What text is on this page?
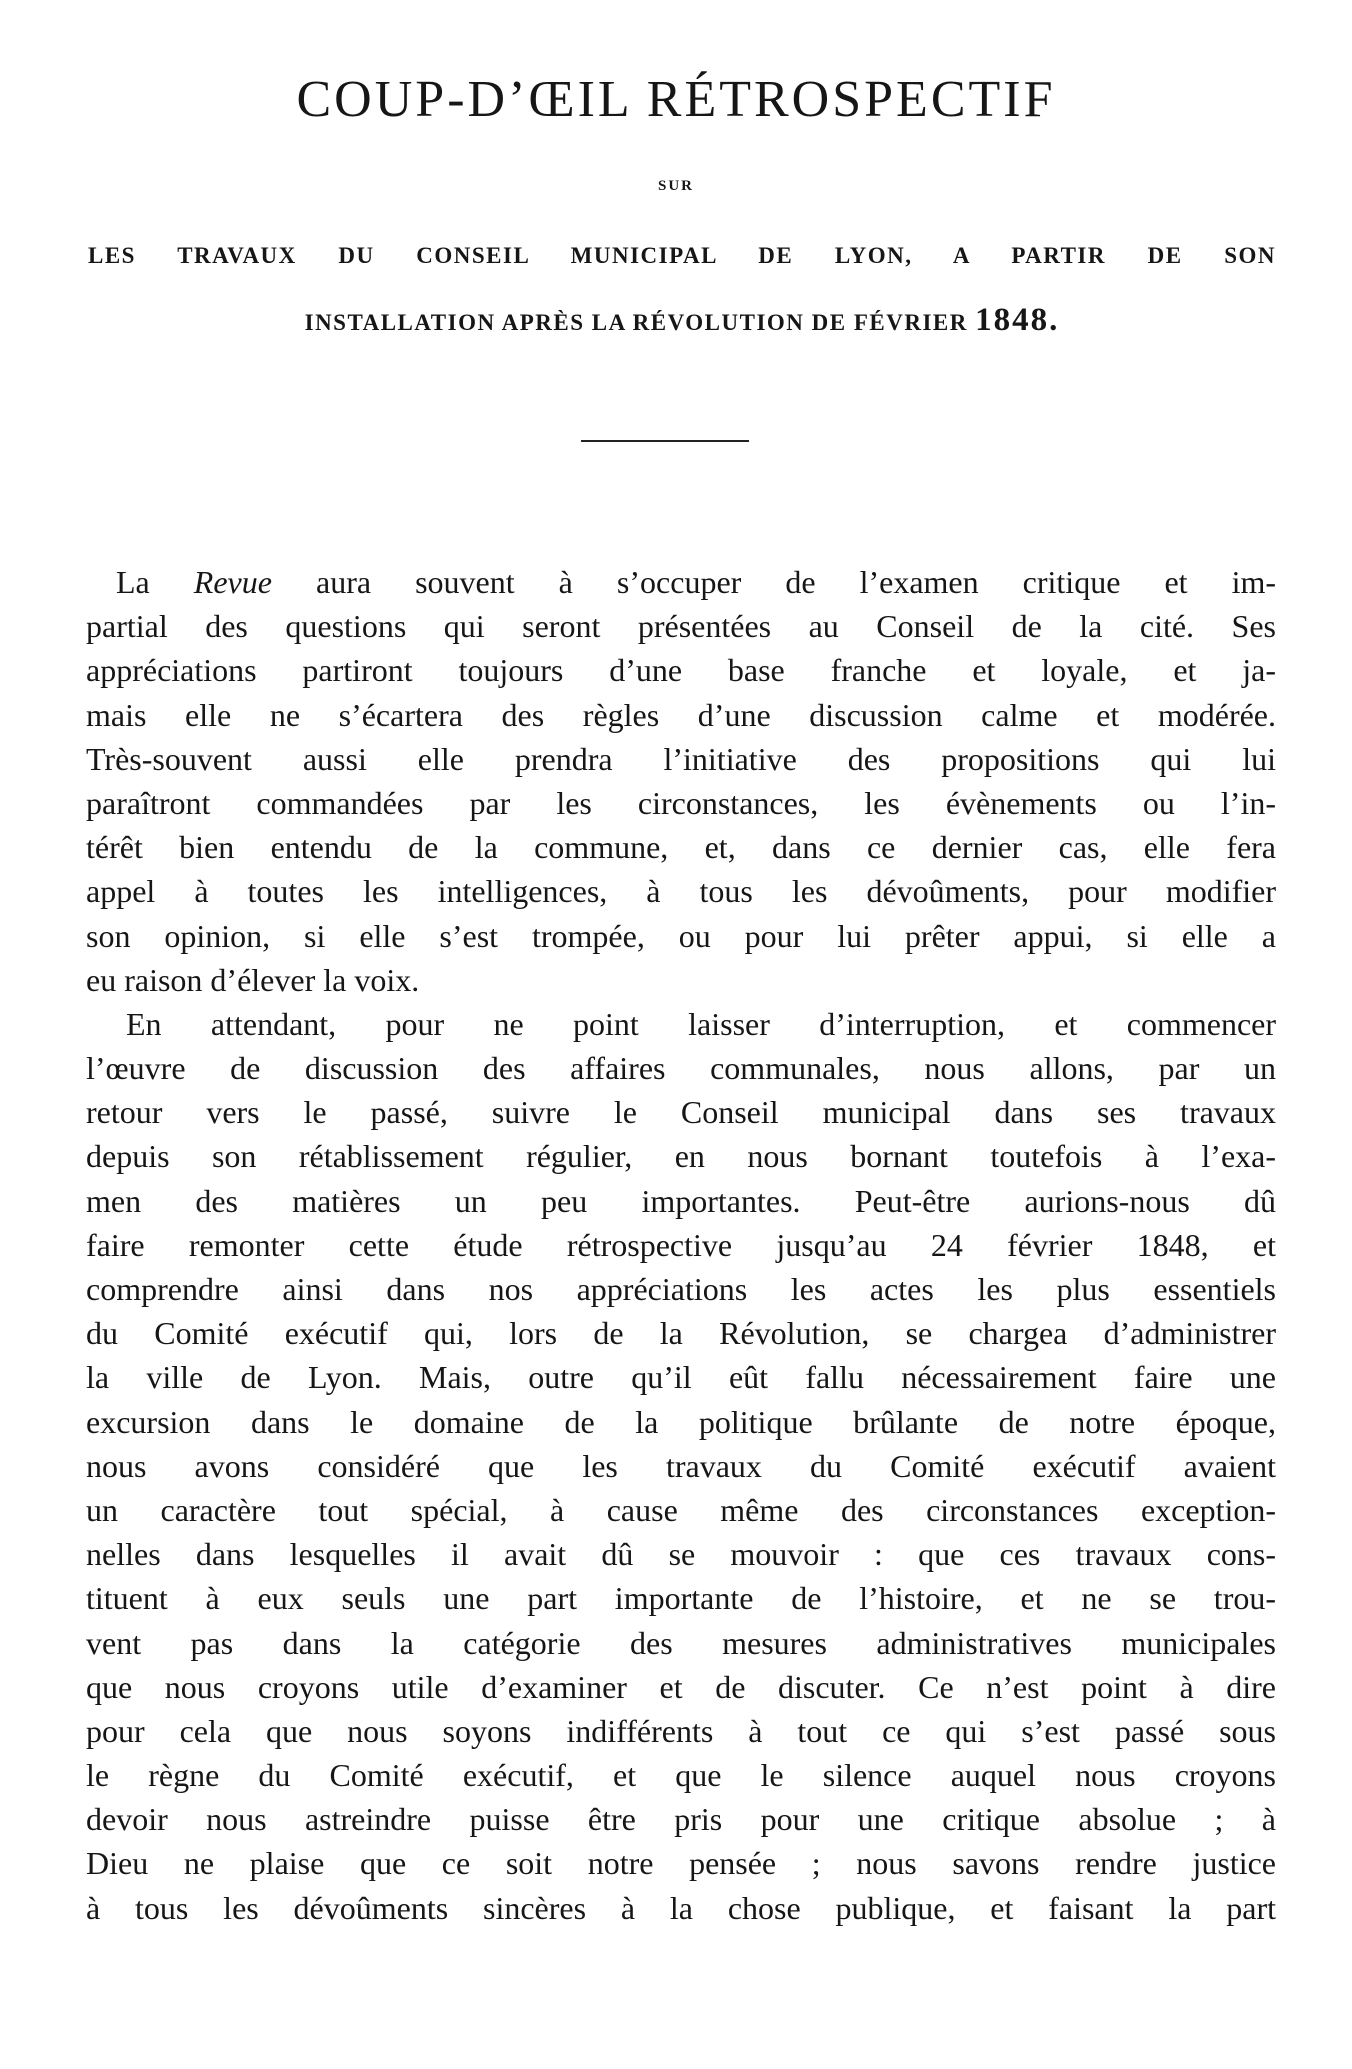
COUP-D’ŒIL RÉTROSPECTIF
SUR
LES TRAVAUX DU CONSEIL MUNICIPAL DE LYON, A PARTIR DE SON
INSTALLATION APRÈS LA RÉVOLUTION DE FÉVRIER 1848.
La Revue aura souvent à s’occuper de l’examen critique et im-
partial des questions qui seront présentées au Conseil de la cité. Ses
appréciations partiront toujours d’une base franche et loyale, et ja-
mais elle ne s’écartera des règles d’une discussion calme et modérée.
Très-souvent aussi elle prendra l’initiative des propositions qui lui
paraîtront commandées par les circonstances, les évènements ou l’in-
térêt bien entendu de la commune, et, dans ce dernier cas, elle fera
appel à toutes les intelligences, à tous les dévoûments, pour modifier
son opinion, si elle s’est trompée, ou pour lui prêter appui, si elle a
eu raison d’élever la voix.
En attendant, pour ne point laisser d’interruption, et commencer
l’œuvre de discussion des affaires communales, nous allons, par un
retour vers le passé, suivre le Conseil municipal dans ses travaux
depuis son rétablissement régulier, en nous bornant toutefois à l’exa-
men des matières un peu importantes. Peut-être aurions-nous dû
faire remonter cette étude rétrospective jusqu’au 24 février 1848, et
comprendre ainsi dans nos appréciations les actes les plus essentiels
du Comité exécutif qui, lors de la Révolution, se chargea d’administrer
la ville de Lyon. Mais, outre qu’il eût fallu nécessairement faire une
excursion dans le domaine de la politique brûlante de notre époque,
nous avons considéré que les travaux du Comité exécutif avaient
un caractère tout spécial, à cause même des circonstances exception-
nelles dans lesquelles il avait dû se mouvoir : que ces travaux cons-
tituent à eux seuls une part importante de l’histoire, et ne se trou-
vent pas dans la catégorie des mesures administratives municipales
que nous croyons utile d’examiner et de discuter. Ce n’est point à dire
pour cela que nous soyons indifférents à tout ce qui s’est passé sous
le règne du Comité exécutif, et que le silence auquel nous croyons
devoir nous astreindre puisse être pris pour une critique absolue ; à
Dieu ne plaise que ce soit notre pensée ; nous savons rendre justice
à tous les dévoûments sincères à la chose publique, et faisant la part
